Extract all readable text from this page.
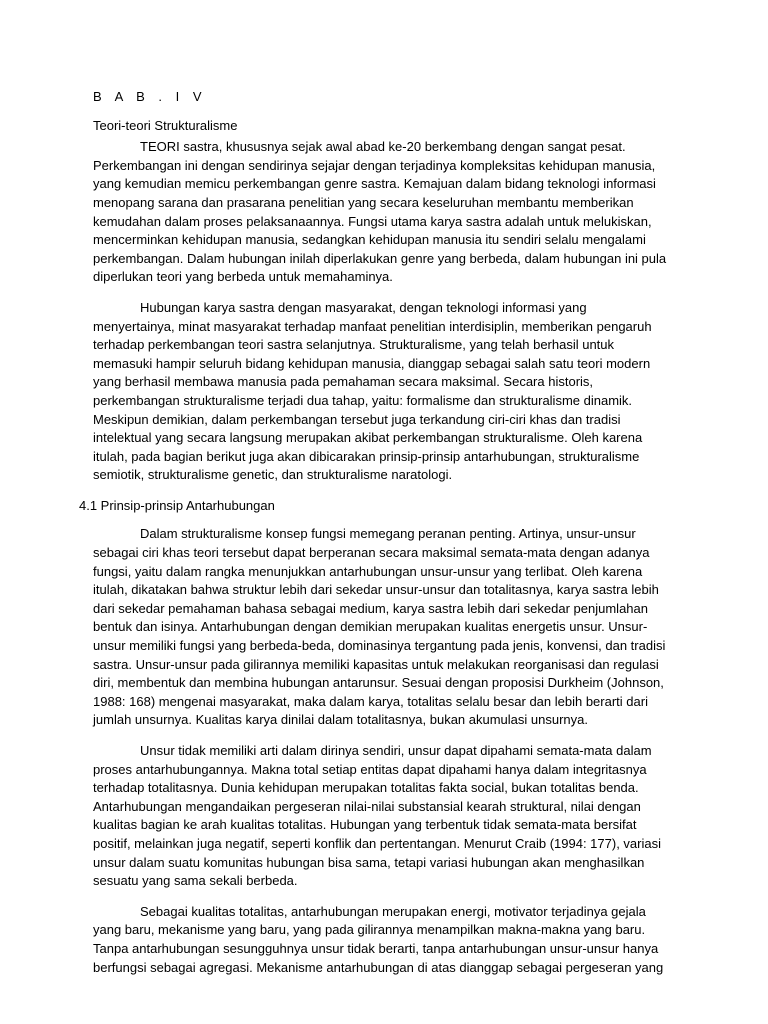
B A B . I V
Teori-teori Strukturalisme

TEORI sastra, khususnya sejak awal abad ke-20 berkembang dengan sangat pesat. Perkembangan ini dengan sendirinya sejajar dengan terjadinya kompleksitas kehidupan manusia, yang kemudian memicu perkembangan genre sastra. Kemajuan dalam bidang teknologi informasi menopang sarana dan prasarana penelitian yang secara keseluruhan membantu memberikan kemudahan dalam proses pelaksanaannya. Fungsi utama karya sastra adalah untuk melukiskan, mencerminkan kehidupan manusia, sedangkan kehidupan manusia itu sendiri selalu mengalami perkembangan. Dalam hubungan inilah diperlakukan genre yang berbeda, dalam hubungan ini pula diperlukan teori yang berbeda untuk memahaminya.

Hubungan karya sastra dengan masyarakat, dengan teknologi informasi yang menyertainya, minat masyarakat terhadap manfaat penelitian interdisiplin, memberikan pengaruh terhadap perkembangan teori sastra selanjutnya. Strukturalisme, yang telah berhasil untuk memasuki hampir seluruh bidang kehidupan manusia, dianggap sebagai salah satu teori modern yang berhasil membawa manusia pada pemahaman secara maksimal. Secara historis, perkembangan strukturalisme terjadi dua tahap, yaitu: formalisme dan strukturalisme dinamik. Meskipun demikian, dalam perkembangan tersebut juga terkandung ciri-ciri khas dan tradisi intelektual yang secara langsung merupakan akibat perkembangan strukturalisme. Oleh karena itulah, pada bagian berikut juga akan dibicarakan prinsip-prinsip antarhubungan, strukturalisme semiotik, strukturalisme genetic, dan strukturalisme naratologi.

4.1 Prinsip-prinsip Antarhubungan

Dalam strukturalisme konsep fungsi memegang peranan penting. Artinya, unsur-unsur sebagai ciri khas teori tersebut dapat berperanan secara maksimal semata-mata dengan adanya fungsi, yaitu dalam rangka menunjukkan antarhubungan unsur-unsur yang terlibat. Oleh karena itulah, dikatakan bahwa struktur lebih dari sekedar unsur-unsur dan totalitasnya, karya sastra lebih dari sekedar pemahaman bahasa sebagai medium, karya sastra lebih dari sekedar penjumlahan bentuk dan isinya. Antarhubungan dengan demikian merupakan kualitas energetis unsur. Unsur-unsur memiliki fungsi yang berbeda-beda, dominasinya tergantung pada jenis, konvensi, dan tradisi sastra. Unsur-unsur pada gilirannya memiliki kapasitas untuk melakukan reorganisasi dan regulasi diri, membentuk dan membina hubungan antarunsur. Sesuai dengan proposisi Durkheim (Johnson, 1988: 168) mengenai masyarakat, maka dalam karya, totalitas selalu besar dan lebih berarti dari jumlah unsurnya. Kualitas karya dinilai dalam totalitasnya, bukan akumulasi unsurnya.

Unsur tidak memiliki arti dalam dirinya sendiri, unsur dapat dipahami semata-mata dalam proses antarhubungannya. Makna total setiap entitas dapat dipahami hanya dalam integritasnya terhadap totalitasnya. Dunia kehidupan merupakan totalitas fakta social, bukan totalitas benda. Antarhubungan mengandaikan pergeseran nilai-nilai substansial kearah struktural, nilai dengan kualitas bagian ke arah kualitas totalitas. Hubungan yang terbentuk tidak semata-mata bersifat positif, melainkan juga negatif, seperti konflik dan pertentangan. Menurut Craib (1994: 177), variasi unsur dalam suatu komunitas hubungan bisa sama, tetapi variasi hubungan akan menghasilkan sesuatu yang sama sekali berbeda.

Sebagai kualitas totalitas, antarhubungan merupakan energi, motivator terjadinya gejala yang baru, mekanisme yang baru, yang pada gilirannya menampilkan makna-makna yang baru. Tanpa antarhubungan sesungguhnya unsur tidak berarti, tanpa antarhubungan unsur-unsur hanya berfungsi sebagai agregasi. Mekanisme antarhubungan di atas dianggap sebagai pergeseran yang
